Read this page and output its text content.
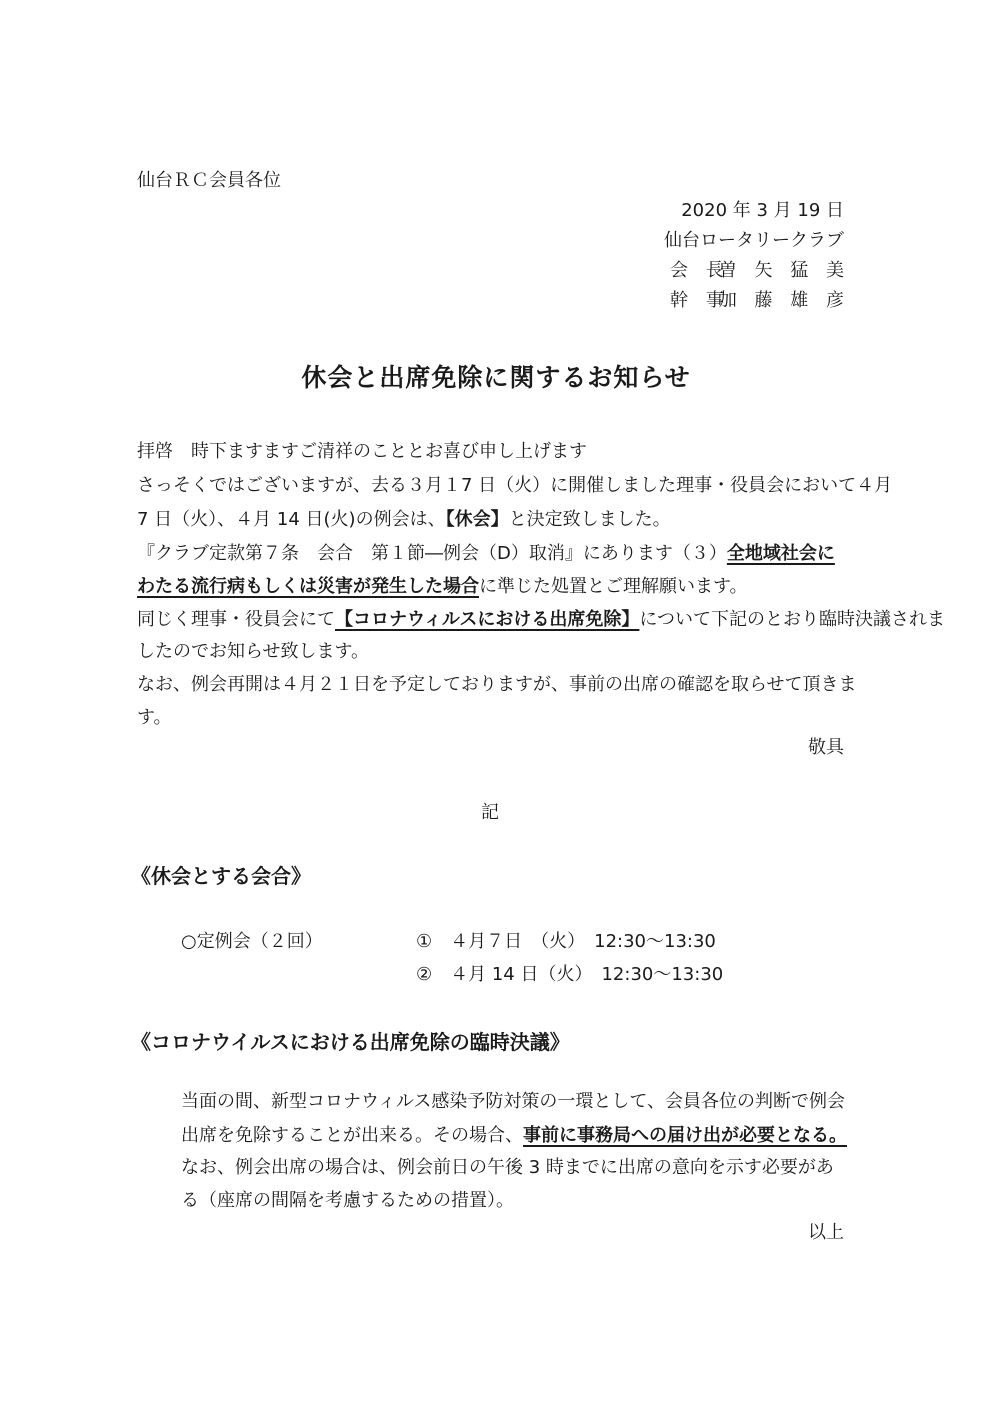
仙台ＲＣ会員各位
2020 年 3 月 19 日
仙台ロータリークラブ
会 長
曽 矢 猛 美
幹 事
加 藤 雄 彦
休会と出席免除に関するお知らせ
拝啓　時下ますますご清祥のこととお喜び申し上げます
さっそくではございますが、去る３月１7 日（火）に開催しました理事・役員会において４月
7 日（火）、４月 14 日(火)の例会は、【休会】と決定致しました。
『クラブ定款第７条　会合　第１節―例会（D）取消』にあります（３）全地域社会に
わたる流行病もしくは災害が発生した場合に準じた処置とご理解願います。
同じく理事・役員会にて【コロナウィルスにおける出席免除】について下記のとおり臨時決議されま
したのでお知らせ致します。
なお、例会再開は４月２１日を予定しておりますが、事前の出席の確認を取らせて頂きま
す。
敬具
記
《休会とする会合》
○定例会（２回）	①　４月７日　（火）　12:30～13:30
②　４月 14 日（火）　12:30～13:30
《コロナウイルスにおける出席免除の臨時決議》
当面の間、新型コロナウィルス感染予防対策の一環として、会員各位の判断で例会
出席を免除することが出来る。その場合、事前に事務局への届け出が必要となる。
なお、例会出席の場合は、例会前日の午後 3 時までに出席の意向を示す必要があ
る（座席の間隔を考慮するための措置）。
以上
